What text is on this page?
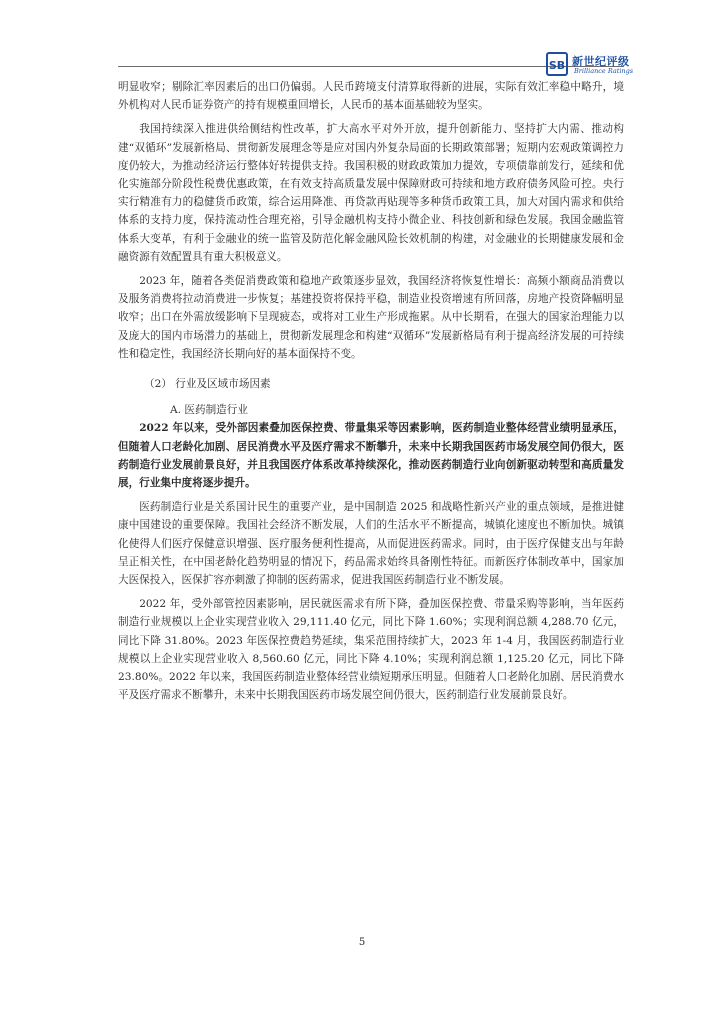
SB 新世纪评级
Brilliance Ratings

明显收窄；剔除汇率因素后的出口仍偏弱。人民币跨境支付清算取得新的进展，实际有效汇率稳中略升，境外机构对人民币证券资产的持有规模重回增长，人民币的基本面基础较为坚实。

我国持续深入推进供给侧结构性改革，扩大高水平对外开放，提升创新能力、坚持扩大内需、推动构建“双循环”发展新格局、贯彻新发展理念等是应对国内外复杂局面的长期政策部署；短期内宏观政策调控力度仍较大，为推动经济运行整体好转提供支持。我国积极的财政政策加力提效，专项债靠前发行，延续和优化实施部分阶段性税费优惠政策，在有效支持高质量发展中保障财政可持续和地方政府债务风险可控。央行实行精准有力的稳健货币政策，综合运用降准、再贷款再贴现等多种货币政策工具，加大对国内需求和供给体系的支持力度，保持流动性合理充裕，引导金融机构支持小微企业、科技创新和绿色发展。我国金融监管体系大变革，有利于金融业的统一监管及防范化解金融风险长效机制的构建，对金融业的长期健康发展和金融资源有效配置具有重大积极意义。

2023 年，随着各类促消费政策和稳地产政策逐步显效，我国经济将恢复性增长：高频小额商品消费以及服务消费将拉动消费进一步恢复；基建投资将保持平稳，制造业投资增速有所回落，房地产投资降幅明显收窄；出口在外需放缓影响下呈现疲态，或将对工业生产形成拖累。从中长期看，在强大的国家治理能力以及庞大的国内市场潜力的基础上，贯彻新发展理念和构建“双循环”发展新格局有利于提高经济发展的可持续性和稳定性，我国经济长期向好的基本面保持不变。

（2） 行业及区域市场因素

A. 医药制造行业

2022 年以来，受外部因素叠加医保控费、带量集采等因素影响，医药制造业整体经营业绩明显承压，但随着人口老龄化加剧、居民消费水平及医疗需求不断攀升，未来中长期我国医药市场发展空间仍很大，医药制造行业发展前景良好，并且我国医疗体系改革持续深化，推动医药制造行业向创新驱动转型和高质量发展，行业集中度将逐步提升。

医药制造行业是关系国计民生的重要产业，是中国制造 2025 和战略性新兴产业的重点领域，是推进健康中国建设的重要保障。我国社会经济不断发展，人们的生活水平不断提高，城镇化速度也不断加快。城镇化使得人们医疗保健意识增强、医疗服务便利性提高，从而促进医药需求。同时，由于医疗保健支出与年龄呈正相关性，在中国老龄化趋势明显的情况下，药品需求始终具备刚性特征。而新医疗体制改革中，国家加大医保投入，医保扩容亦刺激了抑制的医药需求，促进我国医药制造行业不断发展。

2022 年，受外部管控因素影响，居民就医需求有所下降，叠加医保控费、带量采购等影响，当年医药制造行业规模以上企业实现营业收入 29,111.40 亿元，同比下降 1.60%；实现利润总额 4,288.70 亿元，同比下降 31.80%。2023 年医保控费趋势延续，集采范围持续扩大，2023 年 1-4 月，我国医药制造行业规模以上企业实现营业收入 8,560.60 亿元，同比下降 4.10%；实现利润总额 1,125.20 亿元，同比下降 23.80%。2022 年以来，我国医药制造业整体经营业绩短期承压明显。但随着人口老龄化加剧、居民消费水平及医疗需求不断攀升，未来中长期我国医药市场发展空间仍很大，医药制造行业发展前景良好。

5
